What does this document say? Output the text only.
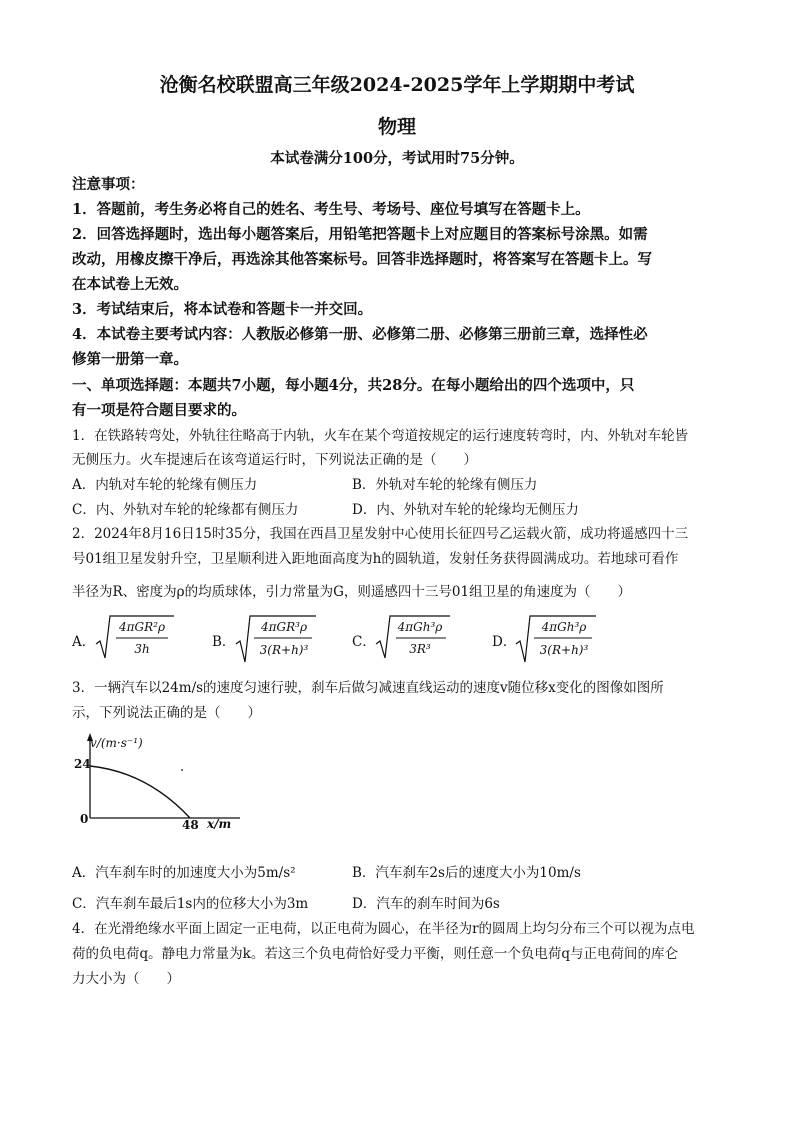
沧衡名校联盟高三年级2024-2025学年上学期期中考试
物理
本试卷满分100分，考试用时75分钟。
注意事项：
1．答题前，考生务必将自己的姓名、考生号、考场号、座位号填写在答题卡上。
2．回答选择题时，选出每小题答案后，用铅笔把答题卡上对应题目的答案标号涂黑。如需
改动，用橡皮擦干净后，再选涂其他答案标号。回答非选择题时，将答案写在答题卡上。写
在本试卷上无效。
3．考试结束后，将本试卷和答题卡一并交回。
4．本试卷主要考试内容：人教版必修第一册、必修第二册、必修第三册前三章，选择性必
修第一册第一章。
一、单项选择题：本题共7小题，每小题4分，共28分。在每小题给出的四个选项中，只
有一项是符合题目要求的。
1．在铁路转弯处，外轨往往略高于内轨，火车在某个弯道按规定的运行速度转弯时，内、外轨对车轮皆
无侧压力。火车提速后在该弯道运行时，下列说法正确的是（　　）
A．内轨对车轮的轮缘有侧压力	B．外轨对车轮的轮缘有侧压力
C．内、外轨对车轮的轮缘都有侧压力	D．内、外轨对车轮的轮缘均无侧压力
2．2024年8月16日15时35分，我国在西昌卫星发射中心使用长征四号乙运载火箭，成功将遥感四十三
号01组卫星发射升空，卫星顺利进入距地面高度为h的圆轨道，发射任务获得圆满成功。若地球可看作
半径为R、密度为ρ的均质球体，引力常量为G，则遥感四十三号01组卫星的角速度为（　　）
A．
4πGR²ρ
3h	B．
4πGR³ρ
3(R+h)³	C．
4πGh³ρ
3R³	D．
4πGh³ρ
3(R+h)³
3．一辆汽车以24m/s的速度匀速行驶，刹车后做匀减速直线运动的速度v随位移x变化的图像如图所
示，下列说法正确的是（　　）
v/(m·s⁻¹)
24
0	48 x/m
A．汽车刹车时的加速度大小为5m/s²	B．汽车刹车2s后的速度大小为10m/s
C．汽车刹车最后1s内的位移大小为3m	D．汽车的刹车时间为6s
4．在光滑绝缘水平面上固定一正电荷，以正电荷为圆心，在半径为r的圆周上均匀分布三个可以视为点电
荷的负电荷q。静电力常量为k。若这三个负电荷恰好受力平衡，则任意一个负电荷q与正电荷间的库仑
力大小为（　　）
